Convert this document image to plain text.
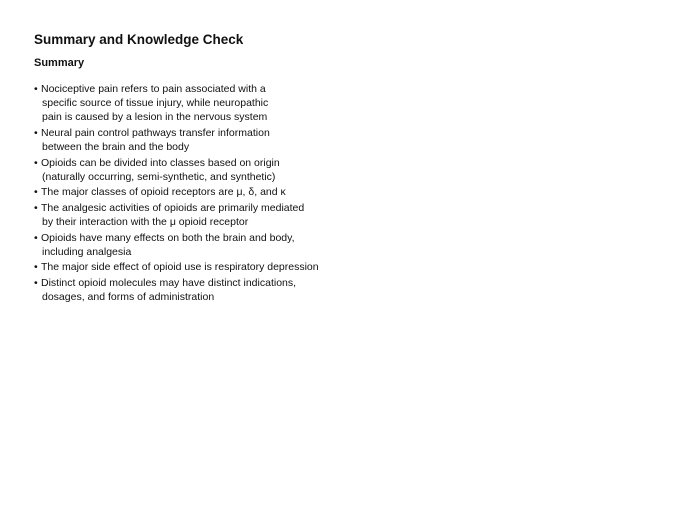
Summary and Knowledge Check
Summary
• Nociceptive pain refers to pain associated with a
specific source of tissue injury, while neuropathic
pain is caused by a lesion in the nervous system
• Neural pain control pathways transfer information
between the brain and the body
• Opioids can be divided into classes based on origin
(naturally occurring, semi-synthetic, and synthetic)
• The major classes of opioid receptors are μ, δ, and κ
• The analgesic activities of opioids are primarily mediated
by their interaction with the μ opioid receptor
• Opioids have many effects on both the brain and body,
including analgesia
• The major side effect of opioid use is respiratory depression
• Distinct opioid molecules may have distinct indications,
dosages, and forms of administration
